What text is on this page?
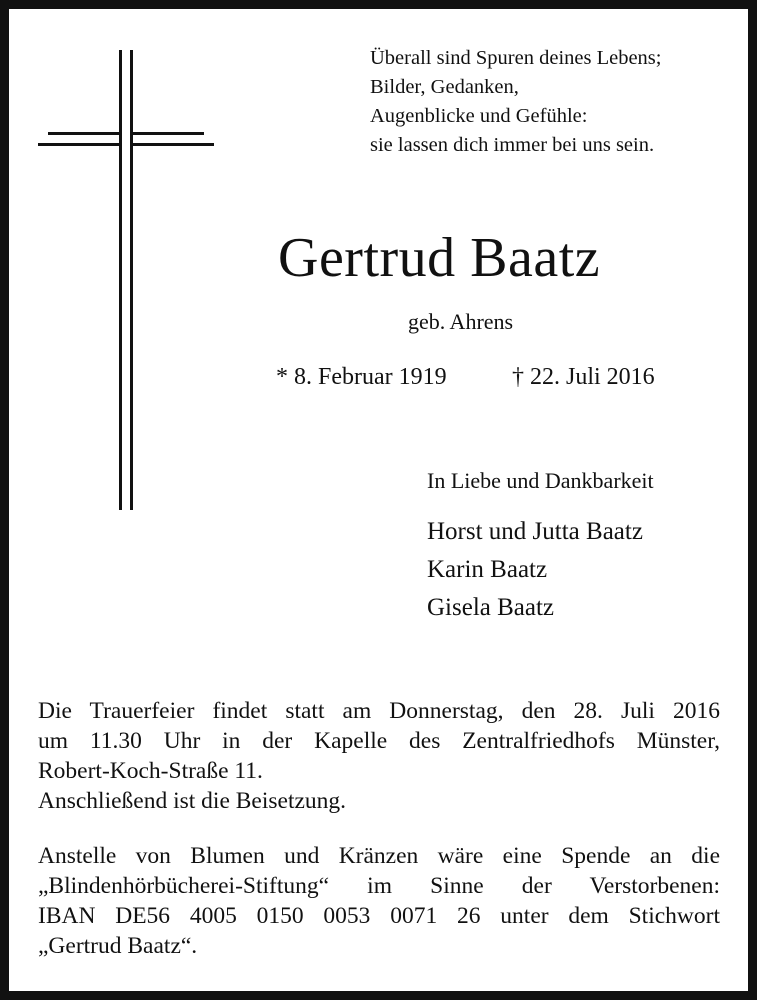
Überall sind Spuren deines Lebens;
Bilder, Gedanken,
Augenblicke und Gefühle:
sie lassen dich immer bei uns sein.
Gertrud Baatz
geb. Ahrens
* 8. Februar 1919	† 22. Juli 2016
In Liebe und Dankbarkeit
Horst und Jutta Baatz
Karin Baatz
Gisela Baatz
Die Trauerfeier findet statt am Donnerstag, den 28. Juli 2016
um 11.30 Uhr in der Kapelle des Zentralfriedhofs Münster,
Robert-Koch-Straße 11.
Anschließend ist die Beisetzung.
Anstelle von Blumen und Kränzen wäre eine Spende an die
„Blindenhörbücherei-Stiftung“ im Sinne der Verstorbenen:
IBAN DE56 4005 0150 0053 0071 26 unter dem Stichwort
„Gertrud Baatz“.
